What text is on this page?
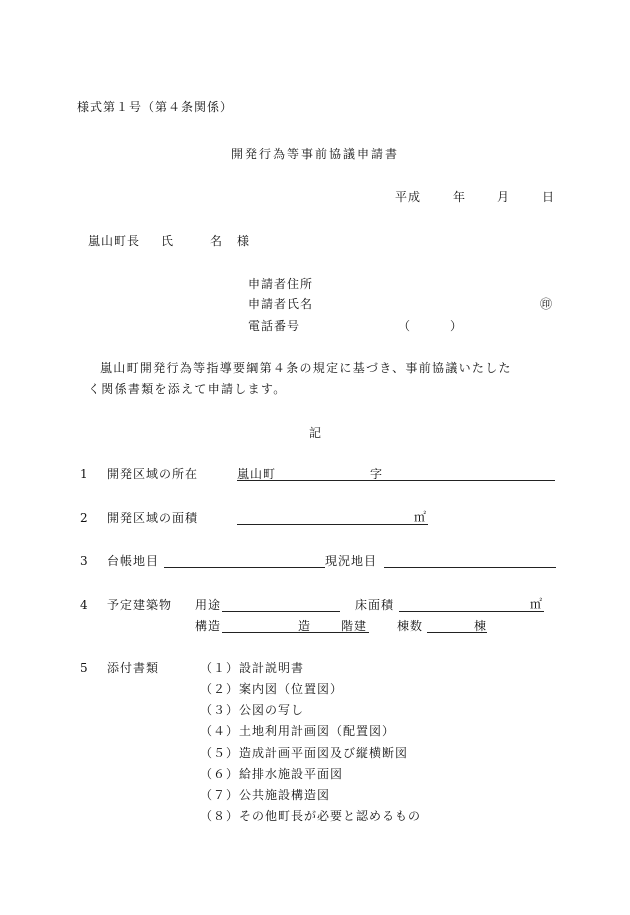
様式第１号（第４条関係）
開発行為等事前協議申請書
平成	年	月	日
嵐山町長 氏	名 様
申請者住所
申請者氏名	㊞
電話番号	（	）
嵐山町開発行為等指導要綱第４条の規定に基づき、事前協議いたした
く関係書類を添えて申請します。
記
1 開発区域の所在	嵐山町	字
2 開発区域の面積	㎡
3 台帳地目	現況地目
4 予定建築物 用途	床面積	㎡
構造	造 階建 棟数	棟
5 添付書類	（１）設計説明書
（２）案内図（位置図）
（３）公図の写し
（４）土地利用計画図（配置図）
（５）造成計画平面図及び縦横断図
（６）給排水施設平面図
（７）公共施設構造図
（８）その他町長が必要と認めるもの
